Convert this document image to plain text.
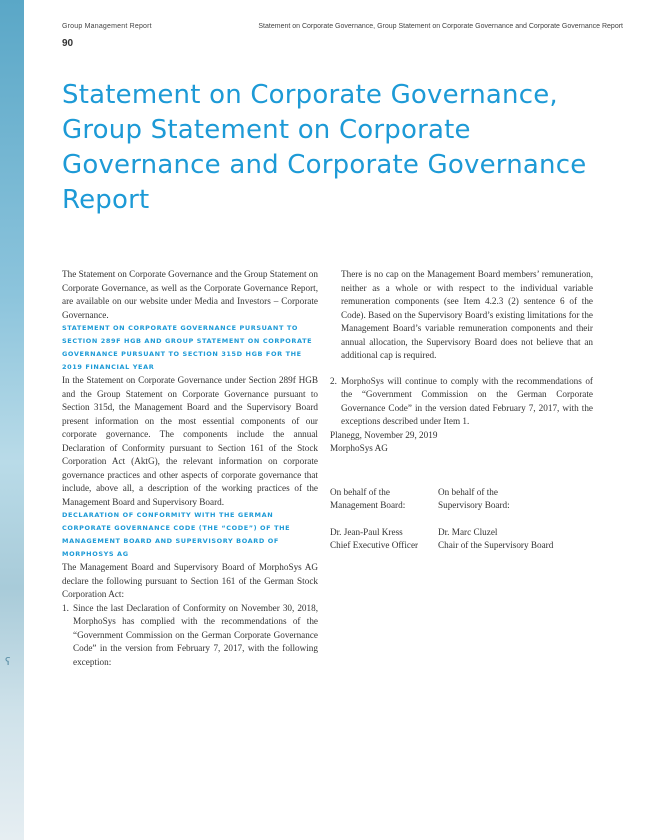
ʕ
Group Management Report	Statement on Corporate Governance, Group Statement on Corporate Governance and Corporate Governance Report
90
Statement on Corporate Governance, Group Statement on Corporate Governance and Corporate Governance Report

The Statement on Corporate Governance and the Group Statement on Corporate Governance, as well as the Corporate Governance Report, are available on our website under Media and Investors – Corporate Governance.

STATEMENT ON CORPORATE GOVERNANCE PURSUANT TO SECTION 289F HGB AND GROUP STATEMENT ON CORPORATE GOVERNANCE PURSUANT TO SECTION 315D HGB FOR THE 2019 FINANCIAL YEAR

In the Statement on Corporate Governance under Section 289f HGB and the Group Statement on Corporate Governance pursuant to Section 315d, the Management Board and the Supervisory Board present information on the most essential components of our corporate governance. The components include the annual Declaration of Conformity pursuant to Section 161 of the Stock Corporation Act (AktG), the relevant information on corporate governance practices and other aspects of corporate governance that include, above all, a description of the working practices of the Management Board and Supervisory Board.

DECLARATION OF CONFORMITY WITH THE GERMAN CORPORATE GOVERNANCE CODE (THE “CODE”) OF THE MANAGEMENT BOARD AND SUPERVISORY BOARD OF MORPHOSYS AG

The Management Board and Supervisory Board of MorphoSys AG declare the following pursuant to Section 161 of the German Stock Corporation Act:

1. Since the last Declaration of Conformity on November 30, 2018, MorphoSys has complied with the recommendations of the “Government Commission on the German Corporate Governance Code” in the version from February 7, 2017, with the following exception:

There is no cap on the Management Board members’ remuneration, neither as a whole or with respect to the individual variable remuneration components (see Item 4.2.3 (2) sentence 6 of the Code). Based on the Supervisory Board’s existing limitations for the Management Board’s variable remuneration components and their annual allocation, the Supervisory Board does not believe that an additional cap is required.

2. MorphoSys will continue to comply with the recommendations of the “Government Commission on the German Corporate Governance Code” in the version dated February 7, 2017, with the exceptions described under Item 1.

Planegg, November 29, 2019

MorphoSys AG

On behalf of the

Management Board:

On behalf of the

Supervisory Board:

Dr. Jean-Paul Kress

Chief Executive Officer

Dr. Marc Cluzel

Chair of the Supervisory Board
